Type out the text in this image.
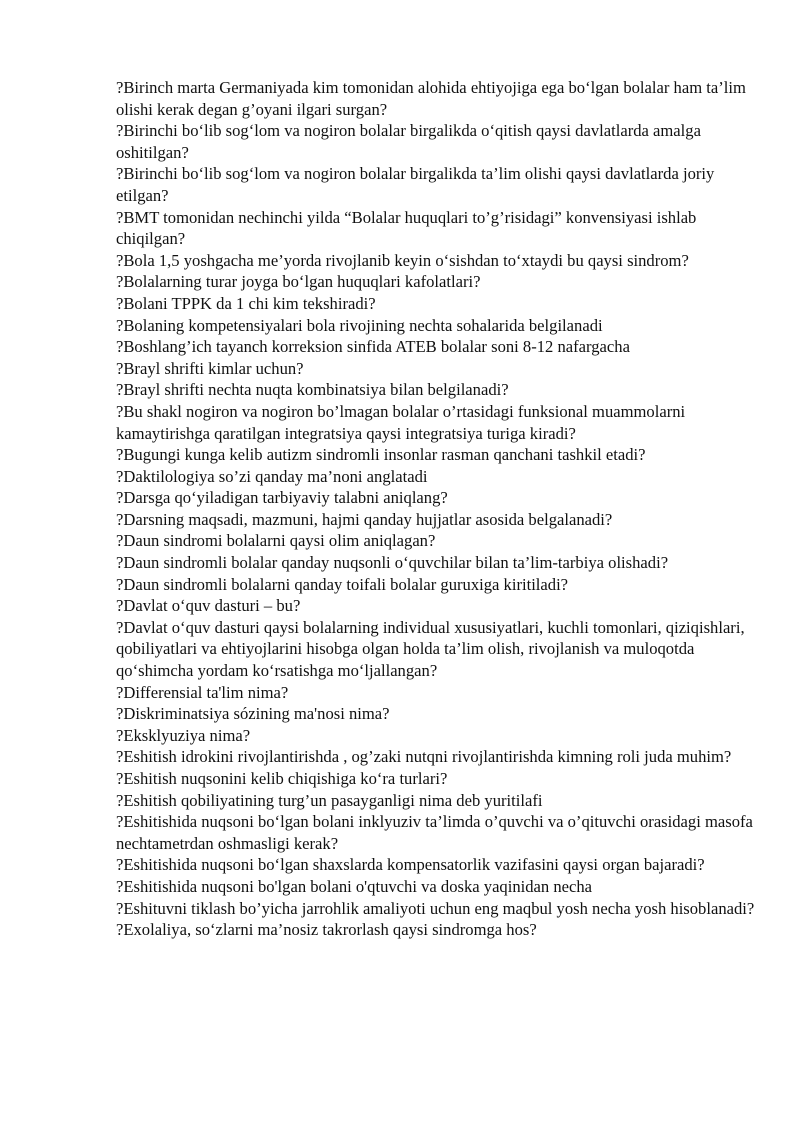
?Birinch marta Germaniyada kim tomonidan alohida ehtiyojiga ega bo‘lgan bolalar ham ta’lim olishi kerak degan g’oyani ilgari surgan?

?Birinchi bo‘lib sog‘lom va nogiron bolalar birgalikda o‘qitish qaysi davlatlarda amalga oshitilgan?

?Birinchi bo‘lib sog‘lom va nogiron bolalar birgalikda ta’lim olishi qaysi davlatlarda joriy etilgan?

?BMT tomonidan nechinchi yilda “Bolalar huquqlari to’g’risidagi” konvensiyasi ishlab chiqilgan?

?Bola 1,5 yoshgacha me’yorda rivojlanib keyin o‘sishdan to‘xtaydi bu qaysi sindrom?

?Bolalarning turar joyga bo‘lgan huquqlari kafolatlari?

?Bolani TPPK da 1 chi kim tekshiradi?

?Bolaning kompetensiyalari bola rivojining nechta sohalarida belgilanadi

?Boshlang’ich tayanch korreksion sinfida ATEB bolalar soni 8-12 nafargacha

?Brayl shrifti kimlar uchun?

?Brayl shrifti nechta nuqta kombinatsiya bilan belgilanadi?

?Bu shakl nogiron va nogiron bo’lmagan bolalar o’rtasidagi funksional muammolarni kamaytirishga qaratilgan integratsiya qaysi integratsiya turiga kiradi?

?Bugungi kunga kelib autizm sindromli insonlar rasman qanchani tashkil etadi?

?Daktilologiya so’zi qanday ma’noni anglatadi

?Darsga qo‘yiladigan tarbiyaviy talabni aniqlang?

?Darsning maqsadi, mazmuni, hajmi qanday hujjatlar asosida belgalanadi?

?Daun sindromi bolalarni qaysi olim aniqlagan?

?Daun sindromli bolalar qanday nuqsonli o‘quvchilar bilan ta’lim-tarbiya olishadi?

?Daun sindromli bolalarni qanday toifali bolalar guruxiga kiritiladi?

?Davlat o‘quv dasturi – bu?

?Davlat o‘quv dasturi qaysi bolalarning individual xususiyatlari, kuchli tomonlari, qiziqishlari, qobiliyatlari va ehtiyojlarini hisobga olgan holda ta’lim olish, rivojlanish va muloqotda qo‘shimcha yordam ko‘rsatishga mo‘ljallangan?

?Differensial ta'lim nima?

?Diskriminatsiya sózining ma'nosi nima?

?Eksklyuziya nima?

?Eshitish idrokini rivojlantirishda , og’zaki nutqni rivojlantirishda kimning roli juda muhim?

?Eshitish nuqsonini kelib chiqishiga ko‘ra turlari?

?Eshitish qobiliyatining turg’un pasayganligi nima deb yuritilafi

?Eshitishida nuqsoni bo‘lgan bolani inklyuziv ta’limda o’quvchi va o’qituvchi orasidagi masofa nechtametrdan oshmasligi kerak?

?Eshitishida nuqsoni bo‘lgan shaxslarda kompensatorlik vazifasini qaysi organ bajaradi?

?Eshitishida nuqsoni bo'lgan bolani o'qtuvchi va doska yaqinidan necha

?Eshituvni tiklash bo’yicha jarrohlik amaliyoti uchun eng maqbul yosh necha yosh hisoblanadi?

?Exolaliya, so‘zlarni ma’nosiz takrorlash qaysi sindromga hos?
